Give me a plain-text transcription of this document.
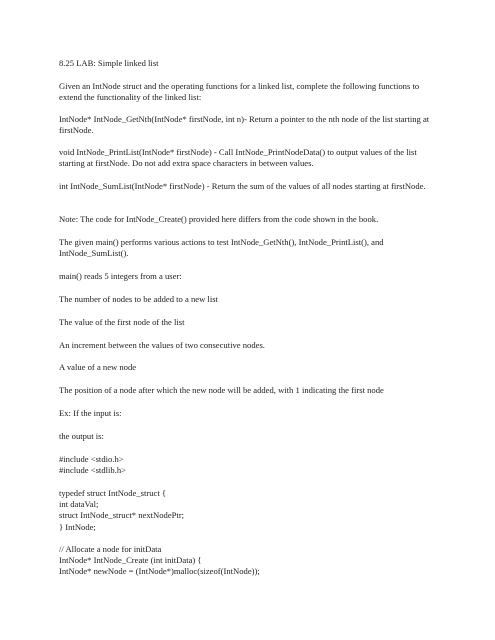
8.25 LAB: Simple linked list

Given an IntNode struct and the operating functions for a linked list, complete the following functions to extend the functionality of the linked list:

IntNode* IntNode_GetNth(IntNode* firstNode, int n)- Return a pointer to the nth node of the list starting at firstNode.

void IntNode_PrintList(IntNode* firstNode) - Call IntNode_PrintNodeData() to output values of the list starting at firstNode. Do not add extra space characters in between values.

int IntNode_SumList(IntNode* firstNode) - Return the sum of the values of all nodes starting at firstNode.

Note: The code for IntNode_Create() provided here differs from the code shown in the book.

The given main() performs various actions to test IntNode_GetNth(), IntNode_PrintList(), and IntNode_SumList().

main() reads 5 integers from a user:

The number of nodes to be added to a new list

The value of the first node of the list

An increment between the values of two consecutive nodes.

A value of a new node

The position of a node after which the new node will be added, with 1 indicating the first node

Ex: If the input is:

the output is:

#include <stdio.h>
#include <stdlib.h>
typedef struct IntNode_struct {
int dataVal;
struct IntNode_struct* nextNodePtr;
} IntNode;
// Allocate a node for initData
IntNode* IntNode_Create (int initData) {
IntNode* newNode = (IntNode*)malloc(sizeof(IntNode));
